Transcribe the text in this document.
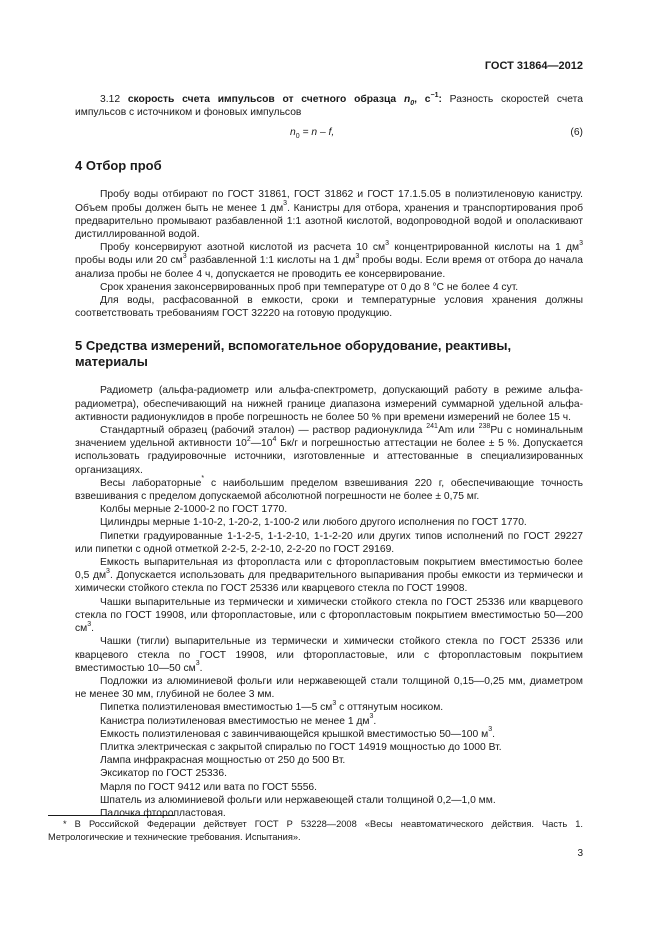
ГОСТ 31864—2012

3.12 скорость счета импульсов от счетного образца $n_0$, $с^{-1}$: Разность скоростей счета импульсов с источником и фоновых импульсов

$n_0 = n - f$,	(6)
4 Отбор проб

Пробу воды отбирают по ГОСТ 31861, ГОСТ 31862 и ГОСТ 17.1.5.05 в полиэтиленовую канистру. Объем пробы должен быть не менее 1 $дм^3$. Канистры для отбора, хранения и транспортирования проб предварительно промывают разбавленной 1:1 азотной кислотой, водопроводной водой и ополаскивают дистиллированной водой.

Пробу консервируют азотной кислотой из расчета 10 $см^3$ концентрированной кислоты на 1 $дм^3$ пробы воды или 20 $см^3$ разбавленной 1:1 кислоты на 1 $дм^3$ пробы воды. Если время от отбора до начала анализа пробы не более 4 ч, допускается не проводить ее консервирование.

Срок хранения законсервированных проб при температуре от 0 до 8 °С не более 4 сут.

Для воды, расфасованной в емкости, сроки и температурные условия хранения должны соответствовать требованиям ГОСТ 32220 на готовую продукцию.

5 Средства измерений, вспомогательное оборудование, реактивы, материалы

Радиометр (альфа-радиометр или альфа-спектрометр, допускающий работу в режиме альфа-радиометра), обеспечивающий на нижней границе диапазона измерений суммарной удельной альфа-активности радионуклидов в пробе погрешность не более 50 % при времени измерений не более 15 ч.

Стандартный образец (рабочий эталон) — раствор радионуклида $^{241}$Am или $^{238}$Pu с номинальным значением удельной активности $10^2—10^4$ Бк/г и погрешностью аттестации не более ± 5 %. Допускается использовать градуировочные источники, изготовленные и аттестованные в специализированных организациях.

Весы лабораторные* с наибольшим пределом взвешивания 220 г, обеспечивающие точность взвешивания с пределом допускаемой абсолютной погрешности не более ± 0,75 мг.

Колбы мерные 2-1000-2 по ГОСТ 1770.

Цилиндры мерные 1-10-2, 1-20-2, 1-100-2 или любого другого исполнения по ГОСТ 1770.

Пипетки градуированные 1-1-2-5, 1-1-2-10, 1-1-2-20 или других типов исполнений по ГОСТ 29227 или пипетки с одной отметкой 2-2-5, 2-2-10, 2-2-20 по ГОСТ 29169.

Емкость выпарительная из фторопласта или с фторопластовым покрытием вместимостью более 0,5 $дм^3$. Допускается использовать для предварительного выпаривания пробы емкости из термически и химически стойкого стекла по ГОСТ 25336 или кварцевого стекла по ГОСТ 19908.

Чашки выпарительные из термически и химически стойкого стекла по ГОСТ 25336 или кварцевого стекла по ГОСТ 19908, или фторопластовые, или с фторопластовым покрытием вместимостью 50—200 $см^3$.

Чашки (тигли) выпарительные из термически и химически стойкого стекла по ГОСТ 25336 или кварцевого стекла по ГОСТ 19908, или фторопластовые, или с фторопластовым покрытием вместимостью 10—50 $см^3$.

Подложки из алюминиевой фольги или нержавеющей стали толщиной 0,15—0,25 мм, диаметром не менее 30 мм, глубиной не более 3 мм.

Пипетка полиэтиленовая вместимостью 1—5 $см^3$ с оттянутым носиком.

Канистра полиэтиленовая вместимостью не менее 1 $дм^3$.

Емкость полиэтиленовая с завинчивающейся крышкой вместимостью 50—100 $м^3$.

Плитка электрическая с закрытой спиралью по ГОСТ 14919 мощностью до 1000 Вт.

Лампа инфракрасная мощностью от 250 до 500 Вт.

Эксикатор по ГОСТ 25336.

Марля по ГОСТ 9412 или вата по ГОСТ 5556.

Шпатель из алюминиевой фольги или нержавеющей стали толщиной 0,2—1,0 мм.

Палочка фторопластовая.

* В Российской Федерации действует ГОСТ Р 53228—2008 «Весы неавтоматического действия. Часть 1. Метрологические и технические требования. Испытания».
3
